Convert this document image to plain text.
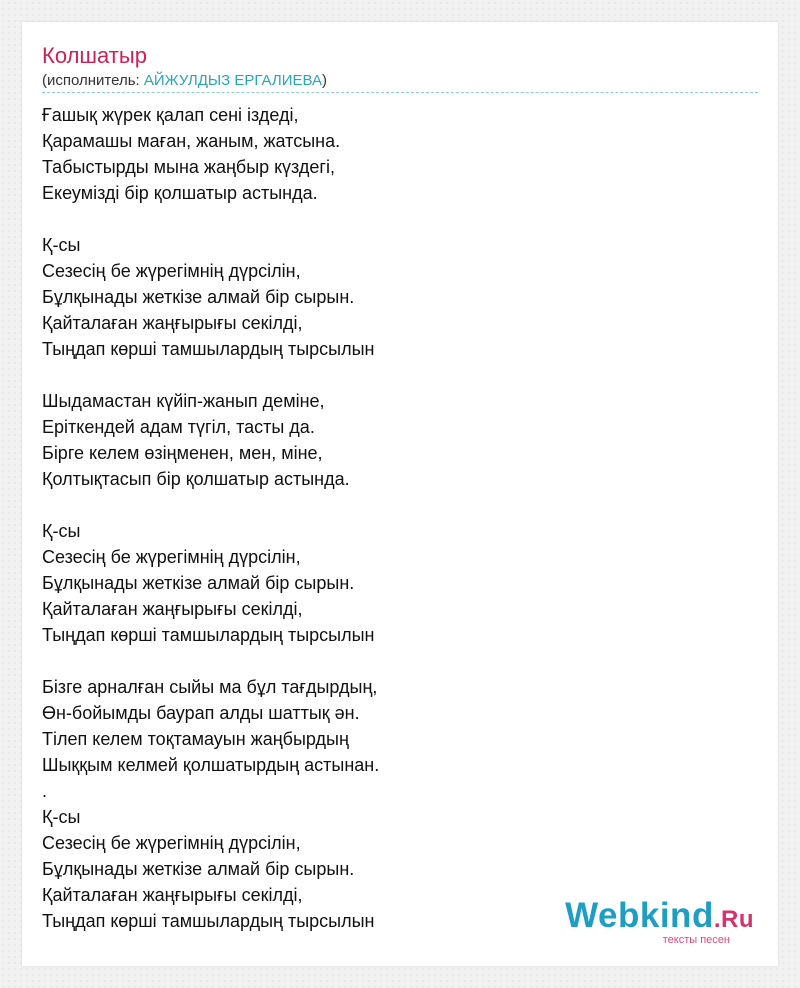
Колшатыр
(исполнитель: АЙЖУЛДЫЗ ЕРГАЛИЕВА)
Ғашық жүрек қалап сені іздеді,
Қарамашы маған, жаным, жатсына.
Табыстырды мына жаңбыр күздегі,
Екеумізді бір қолшатыр астында.
Қ-сы
Сезесің бе жүрегімнің дүрсілін,
Бұлқынады жеткізе алмай бір сырын.
Қайталаған жаңғырығы секілді,
Тыңдап көрші тамшылардың тырсылын
Шыдамастан күйіп-жанып деміне,
Еріткендей адам түгіл, тасты да.
Бірге келем өзіңменен, мен, міне,
Қолтықтасып бір қолшатыр астында.
Қ-сы
Сезесің бе жүрегімнің дүрсілін,
Бұлқынады жеткізе алмай бір сырын.
Қайталаған жаңғырығы секілді,
Тыңдап көрші тамшылардың тырсылын
Бізге арналған сыйы ма бұл тағдырдың,
Өн-бойымды баурап алды шаттық ән.
Тілеп келем тоқтамауын жаңбырдың
Шыққым келмей қолшатырдың астынан.
.
Қ-сы
Сезесің бе жүрегімнің дүрсілін,
Бұлқынады жеткізе алмай бір сырын.
Қайталаған жаңғырығы секілді,
Тыңдап көрші тамшылардың тырсылын	Webkind.Ru
тексты песен
